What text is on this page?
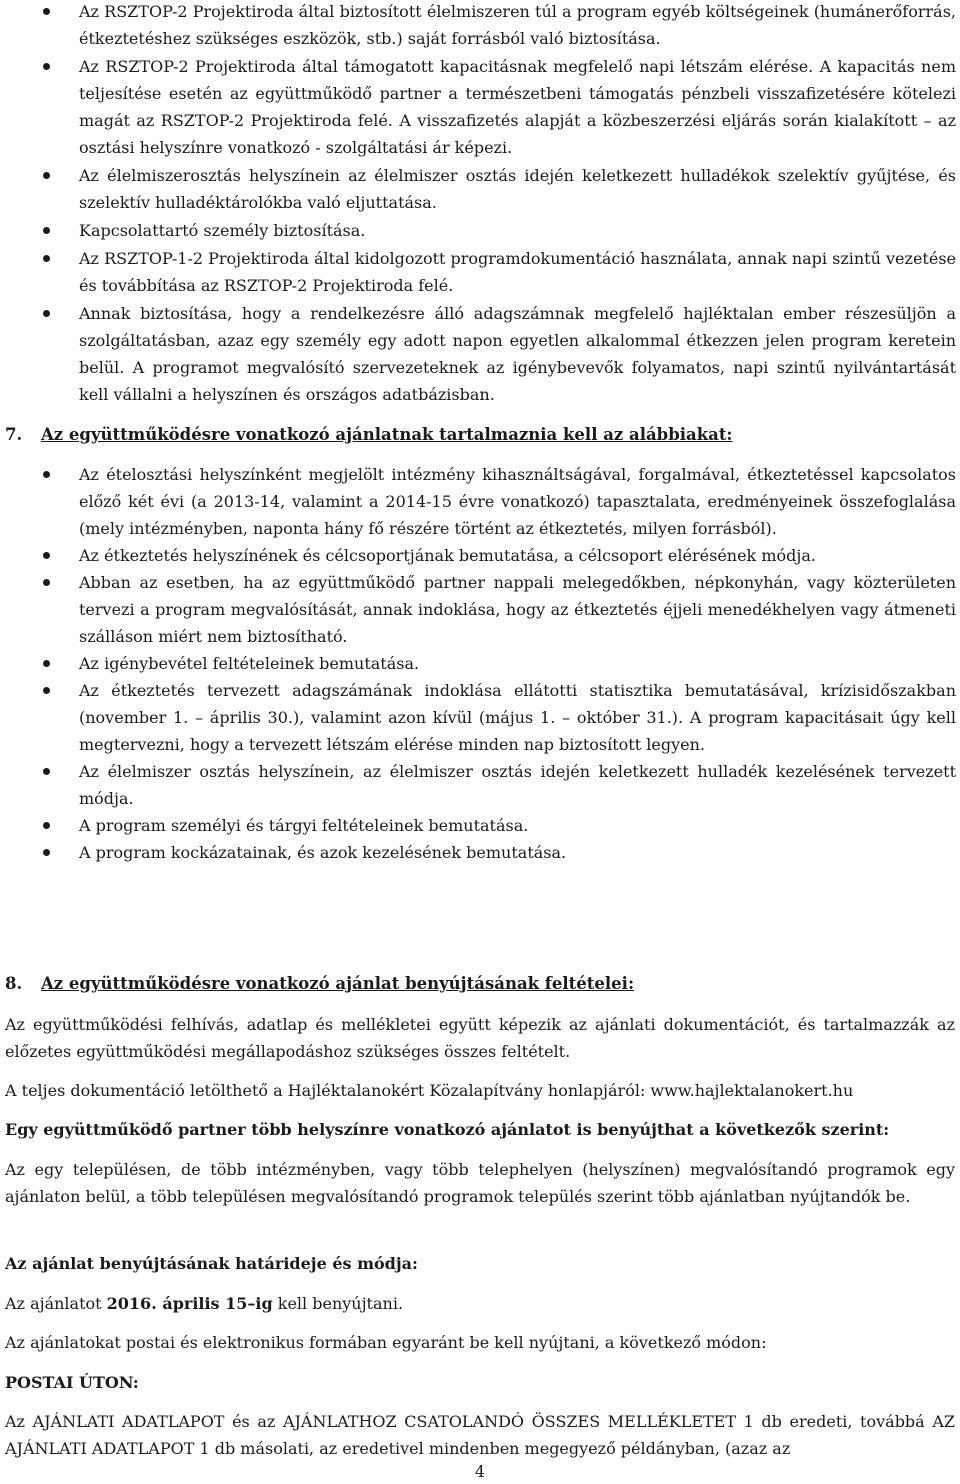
Az RSZTOP-2 Projektiroda által biztosított élelmiszeren túl a program egyéb költségeinek (humánerőforrás, étkeztetéshez szükséges eszközök, stb.) saját forrásból való biztosítása.
Az RSZTOP-2 Projektiroda által támogatott kapacitásnak megfelelő napi létszám elérése. A kapacitás nem teljesítése esetén az együttműködő partner a természetbeni támogatás pénzbeli visszafizetésére kötelezi magát az RSZTOP-2 Projektiroda felé. A visszafizetés alapját a közbeszerzési eljárás során kialakított – az osztási helyszínre vonatkozó - szolgáltatási ár képezi.
Az élelmiszerosztás helyszínein az élelmiszer osztás idején keletkezett hulladékok szelektív gyűjtése, és szelektív hulladéktárolókba való eljuttatása.
Kapcsolattartó személy biztosítása.
Az RSZTOP-1-2 Projektiroda által kidolgozott programdokumentáció használata, annak napi szintű vezetése és továbbítása az RSZTOP-2 Projektiroda felé.
Annak biztosítása, hogy a rendelkezésre álló adagszámnak megfelelő hajléktalan ember részesüljön a szolgáltatásban, azaz egy személy egy adott napon egyetlen alkalommal étkezzen jelen program keretein belül. A programot megvalósító szervezeteknek az igénybevevők folyamatos, napi szintű nyilvántartását kell vállalni a helyszínen és országos adatbázisban.
7. Az együttműködésre vonatkozó ajánlatnak tartalmaznia kell az alábbiakat:
Az ételosztási helyszínként megjelölt intézmény kihasználtságával, forgalmával, étkeztetéssel kapcsolatos előző két évi (a 2013-14, valamint a 2014-15 évre vonatkozó) tapasztalata, eredményeinek összefoglalása (mely intézményben, naponta hány fő részére történt az étkeztetés, milyen forrásból).
Az étkeztetés helyszínének és célcsoportjának bemutatása, a célcsoport elérésének módja.
Abban az esetben, ha az együttműködő partner nappali melegedőkben, népkonyhán, vagy közterületen tervezi a program megvalósítását, annak indoklása, hogy az étkeztetés éjjeli menedékhelyen vagy átmeneti szálláson miért nem biztosítható.
Az igénybevétel feltételeinek bemutatása.
Az étkeztetés tervezett adagszámának indoklása ellátotti statisztika bemutatásával, krízisidőszakban (november 1. – április 30.), valamint azon kívül (május 1. – október 31.). A program kapacitásait úgy kell megtervezni, hogy a tervezett létszám elérése minden nap biztosított legyen.
Az élelmiszer osztás helyszínein, az élelmiszer osztás idején keletkezett hulladék kezelésének tervezett módja.
A program személyi és tárgyi feltételeinek bemutatása.
A program kockázatainak, és azok kezelésének bemutatása.
8. Az együttműködésre vonatkozó ajánlat benyújtásának feltételei:

Az együttműködési felhívás, adatlap és mellékletei együtt képezik az ajánlati dokumentációt, és tartalmazzák az előzetes együttműködési megállapodáshoz szükséges összes feltételt.

A teljes dokumentáció letölthető a Hajléktalanokért Közalapítvány honlapjáról: www.hajlektalanokert.hu

Egy együttműködő partner több helyszínre vonatkozó ajánlatot is benyújthat a következők szerint:

Az egy településen, de több intézményben, vagy több telephelyen (helyszínen) megvalósítandó programok egy ajánlaton belül, a több településen megvalósítandó programok település szerint több ajánlatban nyújtandók be.

Az ajánlat benyújtásának határideje és módja:

Az ajánlatot 2016. április 15–ig kell benyújtani.

Az ajánlatokat postai és elektronikus formában egyaránt be kell nyújtani, a következő módon:

POSTAI ÚTON:

Az AJÁNLATI ADATLAPOT és az AJÁNLATHOZ CSATOLANDÓ ÖSSZES MELLÉKLETET 1 db eredeti, továbbá AZ AJÁNLATI ADATLAPOT 1 db másolati, az eredetivel mindenben megegyező példányban, (azaz az

4
